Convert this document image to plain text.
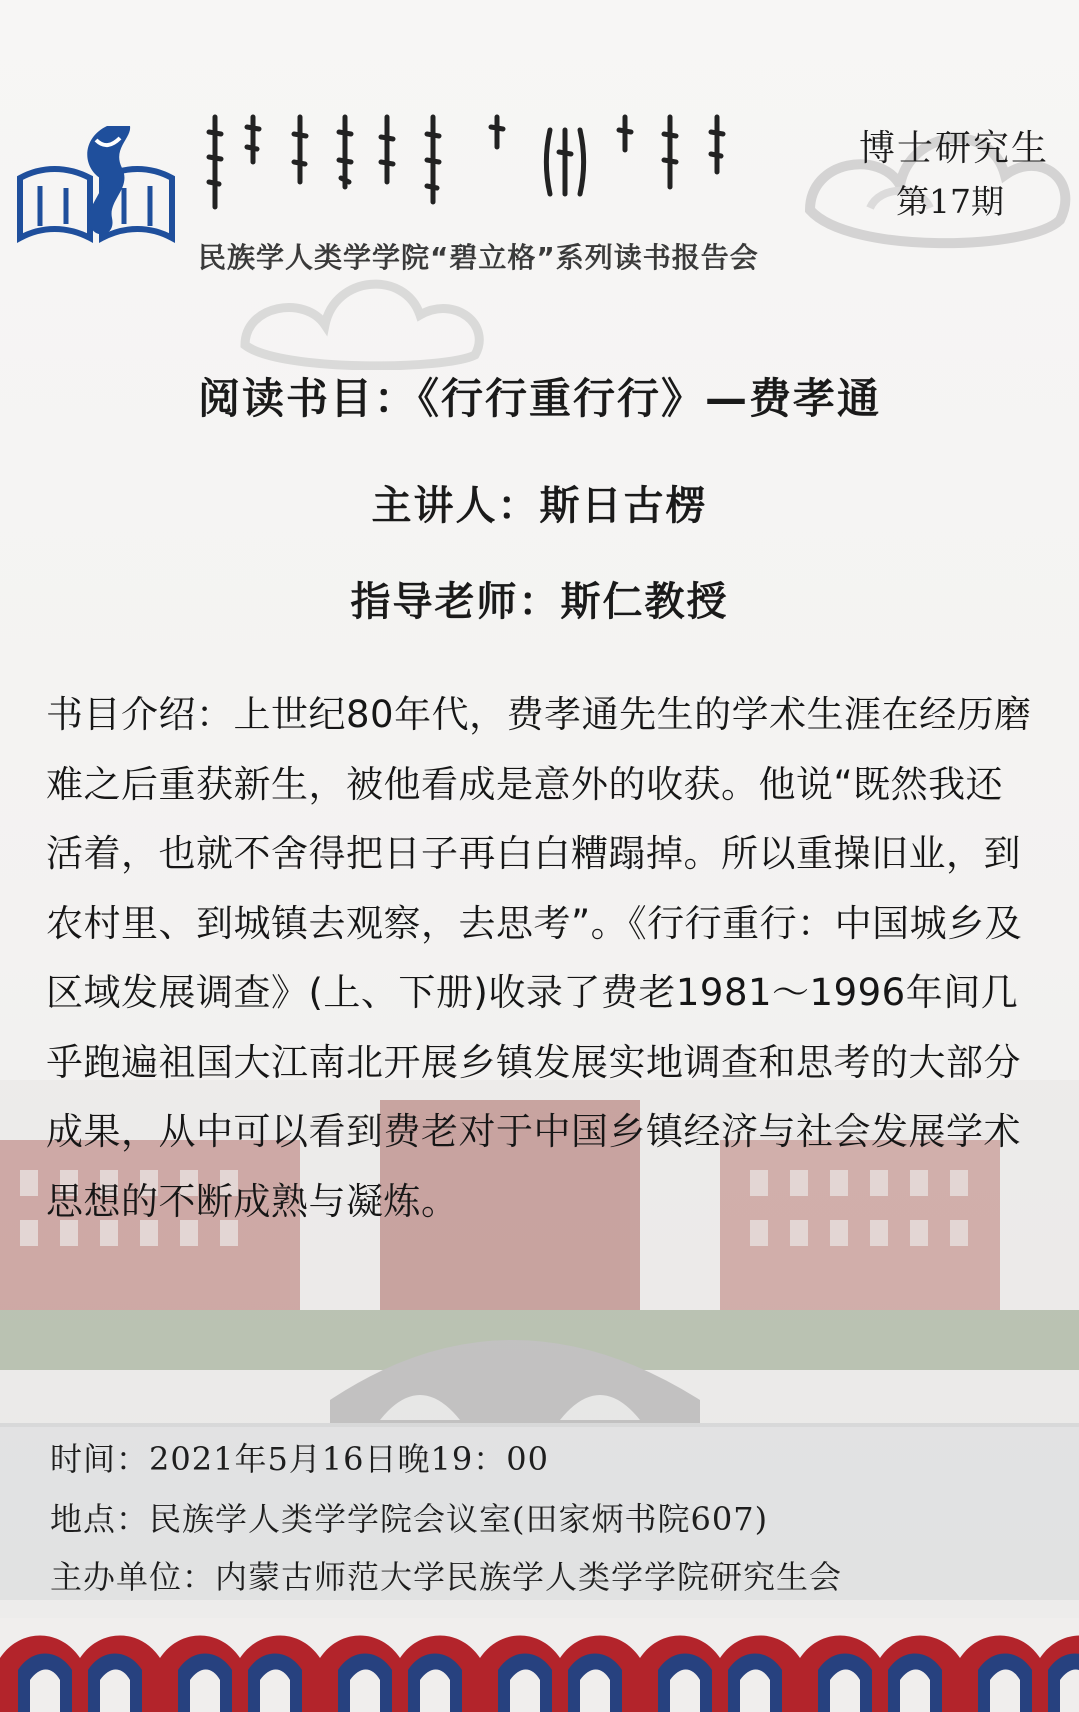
博士研究生
第17期
民族学人类学学院“碧立格”系列读书报告会
阅读书目：《行行重行行》—费孝通
主讲人：斯日古楞
指导老师：斯仁教授
书目介绍：上世纪80年代，费孝通先生的学术生涯在经历磨难之后重获新生，被他看成是意外的收获。他说“既然我还活着，也就不舍得把日子再白白糟蹋掉。所以重操旧业，到农村里、到城镇去观察，去思考”。《行行重行：中国城乡及区域发展调查》(上、下册)收录了费老1981～1996年间几乎跑遍祖国大江南北开展乡镇发展实地调查和思考的大部分成果，从中可以看到费老对于中国乡镇经济与社会发展学术思想的不断成熟与凝炼。
时间：2021年5月16日晚19：00
地点：民族学人类学学院会议室(田家炳书院607)
主办单位：内蒙古师范大学民族学人类学学院研究生会
